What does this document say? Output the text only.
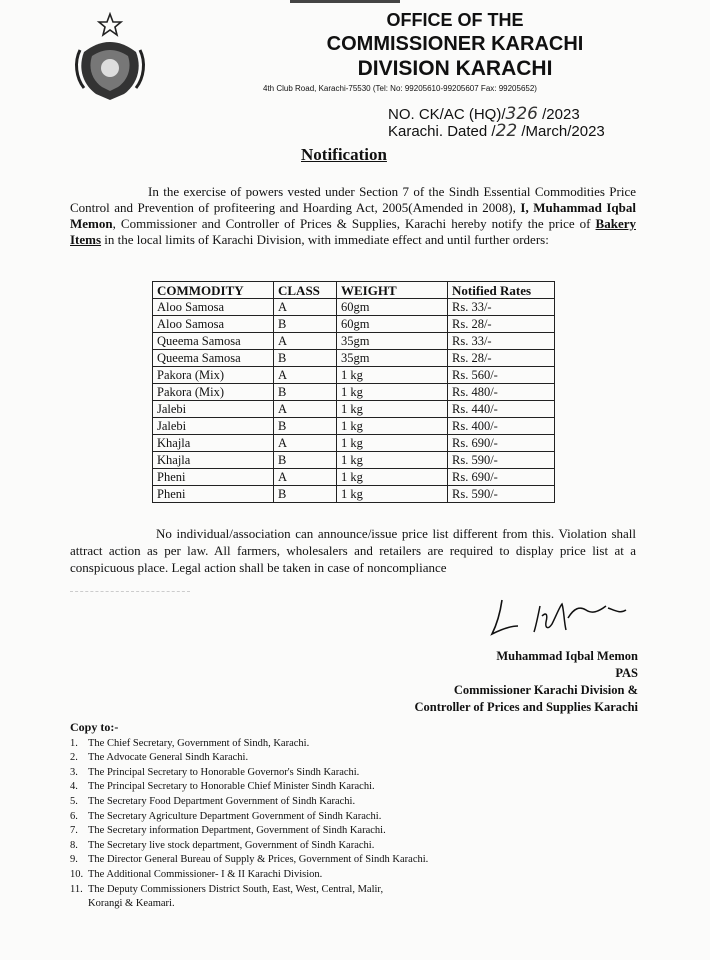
OFFICE OF THE
COMMISSIONER KARACHI
DIVISION KARACHI
4th Club Road, Karachi-75530 (Tel: No: 99205610-99205607 Fax: 99205652)
NO. CK/AC (HQ)/326 /2023
Karachi. Dated /22 /March/2023
Notification
In the exercise of powers vested under Section 7 of the Sindh Essential Commodities Price Control and Prevention of profiteering and Hoarding Act, 2005(Amended in 2008), I, Muhammad Iqbal Memon, Commissioner and Controller of Prices & Supplies, Karachi hereby notify the price of Bakery Items in the local limits of Karachi Division, with immediate effect and until further orders:
COMMODITY	CLASS	WEIGHT	Notified Rates
Aloo Samosa	A	60gm	Rs. 33/-
Aloo Samosa	B	60gm	Rs. 28/-
Queema Samosa	A	35gm	Rs. 33/-
Queema Samosa	B	35gm	Rs. 28/-
Pakora (Mix)	A	1 kg	Rs. 560/-
Pakora (Mix)	B	1 kg	Rs. 480/-
Jalebi	A	1 kg	Rs. 440/-
Jalebi	B	1 kg	Rs. 400/-
Khajla	A	1 kg	Rs. 690/-
Khajla	B	1 kg	Rs. 590/-
Pheni	A	1 kg	Rs. 690/-
Pheni	B	1 kg	Rs. 590/-
No individual/association can announce/issue price list different from this. Violation shall attract action as per law. All farmers, wholesalers and retailers are required to display price list at a conspicuous place. Legal action shall be taken in case of noncompliance
Muhammad Iqbal Memon
PAS
Commissioner Karachi Division &
Controller of Prices and Supplies Karachi
Copy to:-
1. The Chief Secretary, Government of Sindh, Karachi.
2. The Advocate General Sindh Karachi.
3. The Principal Secretary to Honorable Governor's Sindh Karachi.
4. The Principal Secretary to Honorable Chief Minister Sindh Karachi.
5. The Secretary Food Department Government of Sindh Karachi.
6. The Secretary Agriculture Department Government of Sindh Karachi.
7. The Secretary information Department, Government of Sindh Karachi.
8. The Secretary live stock department, Government of Sindh Karachi.
9. The Director General Bureau of Supply & Prices, Government of Sindh Karachi.
10. The Additional Commissioner- I & II Karachi Division.
11. The Deputy Commissioners District South, East, West, Central, Malir,
Korangi & Keamari.
